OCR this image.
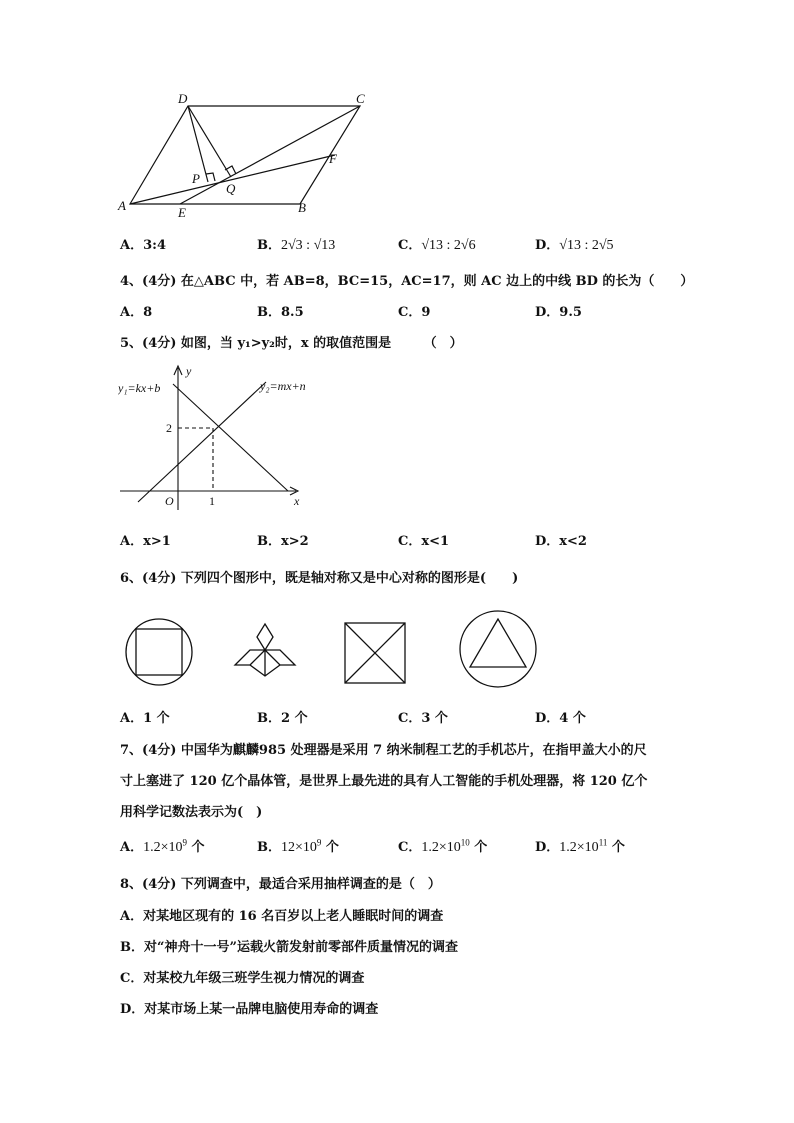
D	C
A	B
E
F
P
Q
A．3:4	B．2√3 : √13	C．√13 : 2√6	D．√13 : 2√5
4、(4分) 在△ABC 中，若 AB=8，BC=15，AC=17，则 AC 边上的中线 BD 的长为（　　）
A．8	B．8.5	C．9	D．9.5
5、(4分) 如图，当 y₁>y₂时，x 的取值范围是　　　（　）
y₁=kx+b	y₂=mx+n
y
x
O	1
2
A．x>1	B．x>2	C．x<1	D．x<2
6、(4分) 下列四个图形中，既是轴对称又是中心对称的图形是(　　)
A．1 个	B．2 个	C．3 个	D．4 个
7、(4分) 中国华为麒麟985 处理器是采用 7 纳米制程工艺的手机芯片，在指甲盖大小的尺
寸上塞进了 120 亿个晶体管，是世界上最先进的具有人工智能的手机处理器，将 120 亿个
用科学记数法表示为(　)
A．$1.2\times 10^9$ 个	B．$12\times 10^9$ 个	C．$1.2\times 10^{10}$ 个	D．$1.2\times 10^{11}$ 个
8、(4分) 下列调查中，最适合采用抽样调查的是（　）
A．对某地区现有的 16 名百岁以上老人睡眠时间的调查
B．对“神舟十一号”运载火箭发射前零部件质量情况的调查
C．对某校九年级三班学生视力情况的调查
D．对某市场上某一品牌电脑使用寿命的调查
